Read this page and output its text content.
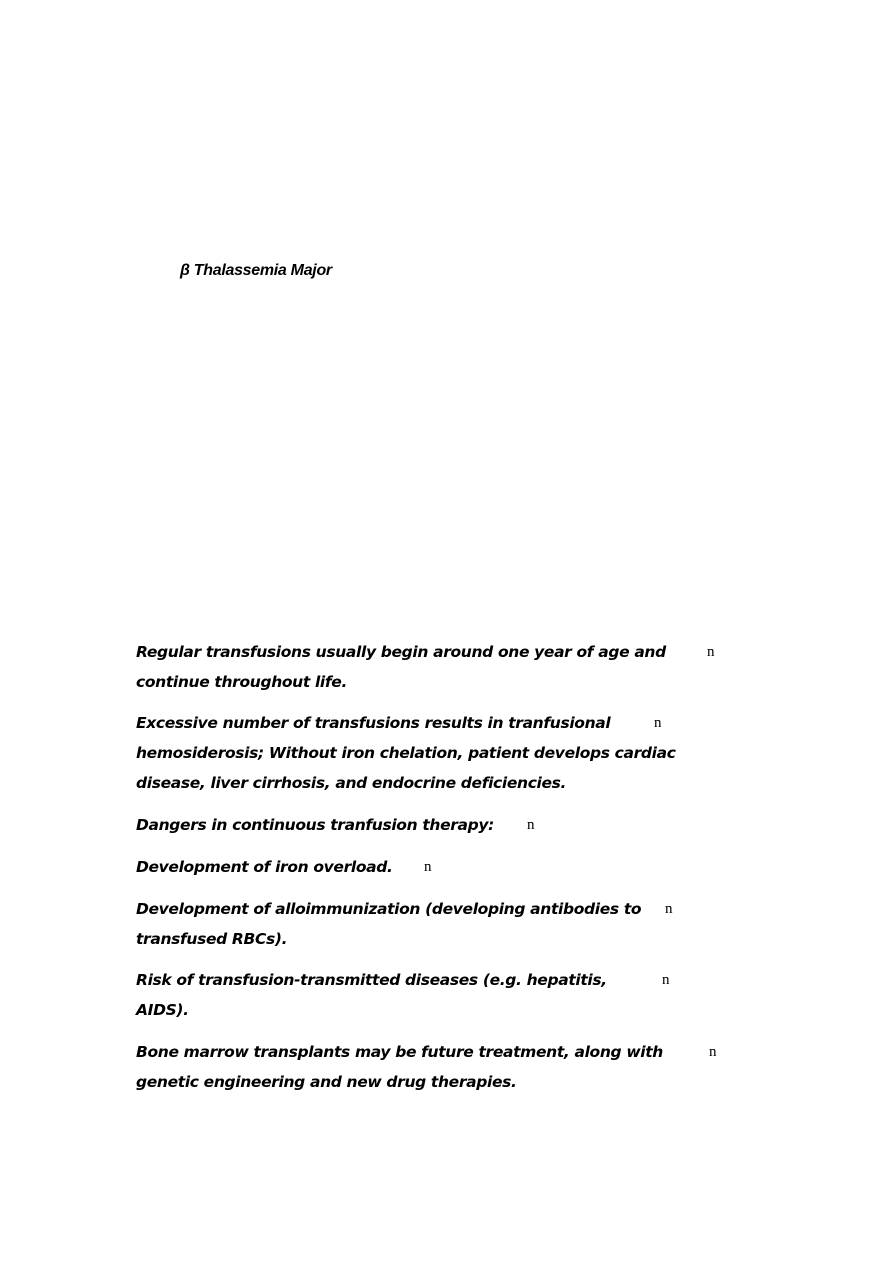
β Thalassemia Major
Regular transfusions usually begin around one year of age and
continue throughout life.
n
Excessive number of transfusions results in tranfusional
hemosiderosis; Without iron chelation, patient develops cardiac
disease, liver cirrhosis, and endocrine deficiencies.
n
Dangers in continuous tranfusion therapy:	n
Development of iron overload.	n
Development of alloimmunization (developing antibodies to
transfused RBCs).
n
Risk of transfusion-transmitted diseases (e.g. hepatitis,
AIDS).
n
Bone marrow transplants may be future treatment, along with
genetic engineering and new drug therapies.
n
